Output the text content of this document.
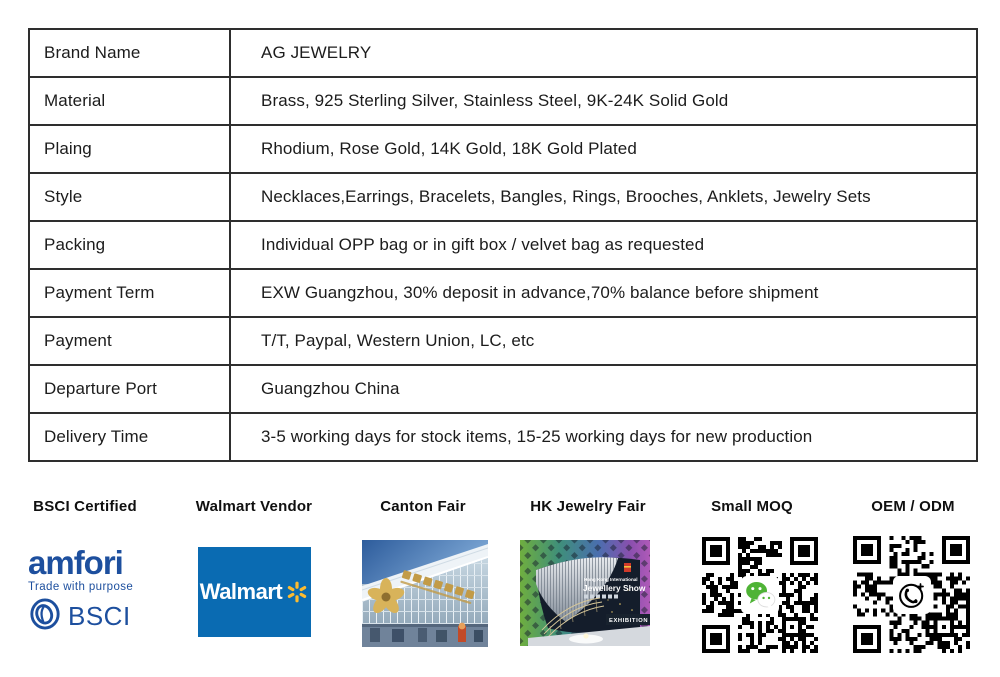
Brand Name	AG JEWELRY
Material	Brass, 925 Sterling Silver, Stainless Steel, 9K-24K Solid Gold
Plaing	Rhodium, Rose Gold, 14K Gold, 18K Gold Plated
Style	Necklaces,Earrings, Bracelets, Bangles, Rings, Brooches, Anklets, Jewelry Sets
Packing	Individual OPP bag or in gift box / velvet bag as requested
Payment Term	EXW Guangzhou, 30% deposit in advance,70% balance before shipment
Payment	T/T, Paypal, Western Union, LC, etc
Departure Port	Guangzhou China
Delivery Time	3-5 working days for stock items, 15-25 working days for new production
BSCI Certified	Walmart Vendor	Canton Fair	HK Jewelry Fair	Small MOQ	OEM / ODM
amfori
Trade with purpose
BSCI
Walmart	Hong Kong International
Jewellery Show
EXHIBITION
